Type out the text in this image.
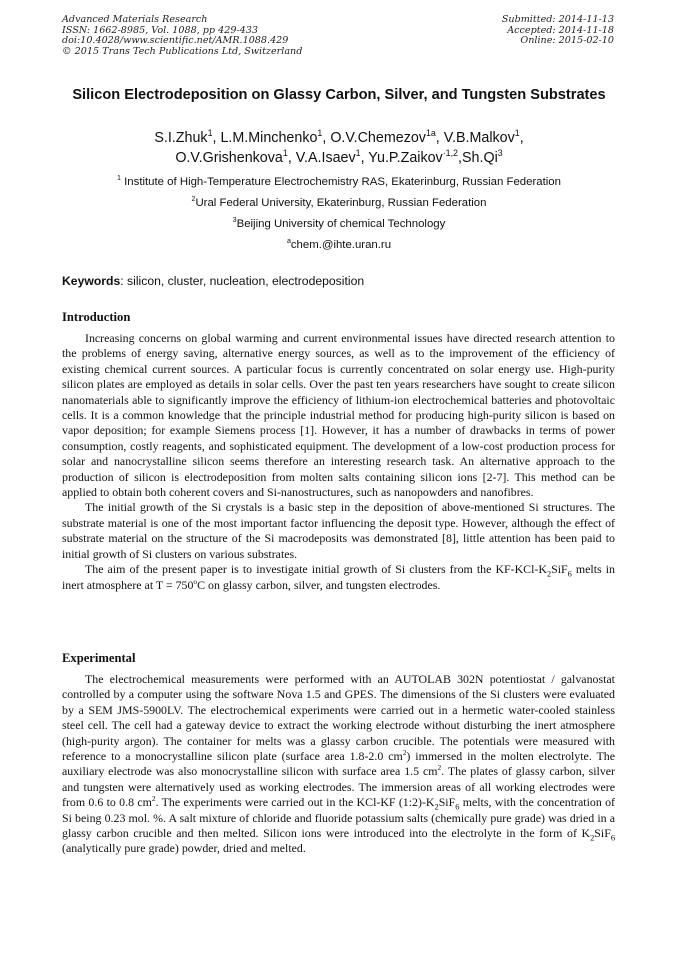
Advanced Materials Research
ISSN: 1662-8985, Vol. 1088, pp 429-433
doi:10.4028/www.scientific.net/AMR.1088.429
© 2015 Trans Tech Publications Ltd, Switzerland
Submitted: 2014-11-13
Accepted: 2014-11-18
Online: 2015-02-10
Silicon Electrodeposition on Glassy Carbon, Silver, and Tungsten Substrates
S.I.Zhuk$^1$, L.M.Minchenko$^1$, O.V.Chemezov$^{1a}$, V.B.Malkov$^1$,
O.V.Grishenkova$^1$, V.A.Isaev$^1$, Yu.P.Zaikov$^{\cdot 1,2}$,Sh.Qi$^3$
$^1$ Institute of High-Temperature Electrochemistry RAS, Ekaterinburg, Russian Federation
$^2$Ural Federal University, Ekaterinburg, Russian Federation
$^3$Beijing University of chemical Technology
$^a$chem.@ihte.uran.ru
Keywords: silicon, cluster, nucleation, electrodeposition
Introduction

Increasing concerns on global warming and current environmental issues have directed research attention to the problems of energy saving, alternative energy sources, as well as to the improvement of the efficiency of existing chemical current sources. A particular focus is currently concentrated on solar energy use. High-purity silicon plates are employed as details in solar cells. Over the past ten years researchers have sought to create silicon nanomaterials able to significantly improve the efficiency of lithium-ion electrochemical batteries and photovoltaic cells. It is a common knowledge that the principle industrial method for producing high-purity silicon is based on vapor deposition; for example Siemens process [1]. However, it has a number of drawbacks in terms of power consumption, costly reagents, and sophisticated equipment. The development of a low-cost production process for solar and nanocrystalline silicon seems therefore an interesting research task. An alternative approach to the production of silicon is electrodeposition from molten salts containing silicon ions [2-7]. This method can be applied to obtain both coherent covers and Si-nanostructures, such as nanopowders and nanofibres.

The initial growth of the Si crystals is a basic step in the deposition of above-mentioned Si structures. The substrate material is one of the most important factor influencing the deposit type. However, although the effect of substrate material on the structure of the Si macrodeposits was demonstrated [8], little attention has been paid to initial growth of Si clusters on various substrates.

The aim of the present paper is to investigate initial growth of Si clusters from the $KF-KCl-K_2SiF_6$ melts in inert atmosphere at $T = 750^oC$ on glassy carbon, silver, and tungsten electrodes.

Experimental

The electrochemical measurements were performed with an AUTOLAB 302N potentiostat / galvanostat controlled by a computer using the software Nova 1.5 and GPES. The dimensions of the Si clusters were evaluated by a SEM JMS-5900LV. The electrochemical experiments were carried out in a hermetic water-cooled stainless steel cell. The cell had a gateway device to extract the working electrode without disturbing the inert atmosphere (high-purity argon). The container for melts was a glassy carbon crucible. The potentials were measured with reference to a monocrystalline silicon plate (surface area 1.8-2.0 $cm^2$) immersed in the molten electrolyte. The auxiliary electrode was also monocrystalline silicon with surface area 1.5 $cm^2$. The plates of glassy carbon, silver and tungsten were alternatively used as working electrodes. The immersion areas of all working electrodes were from 0.6 to 0.8 $cm^2$. The experiments were carried out in the KCl-KF $(1:2)-K_2SiF_6$ melts, with the concentration of Si being 0.23 mol. %. A salt mixture of chloride and fluoride potassium salts (chemically pure grade) was dried in a glassy carbon crucible and then melted. Silicon ions were introduced into the electrolyte in the form of $K_2SiF_6$ (analytically pure grade) powder, dried and melted.
